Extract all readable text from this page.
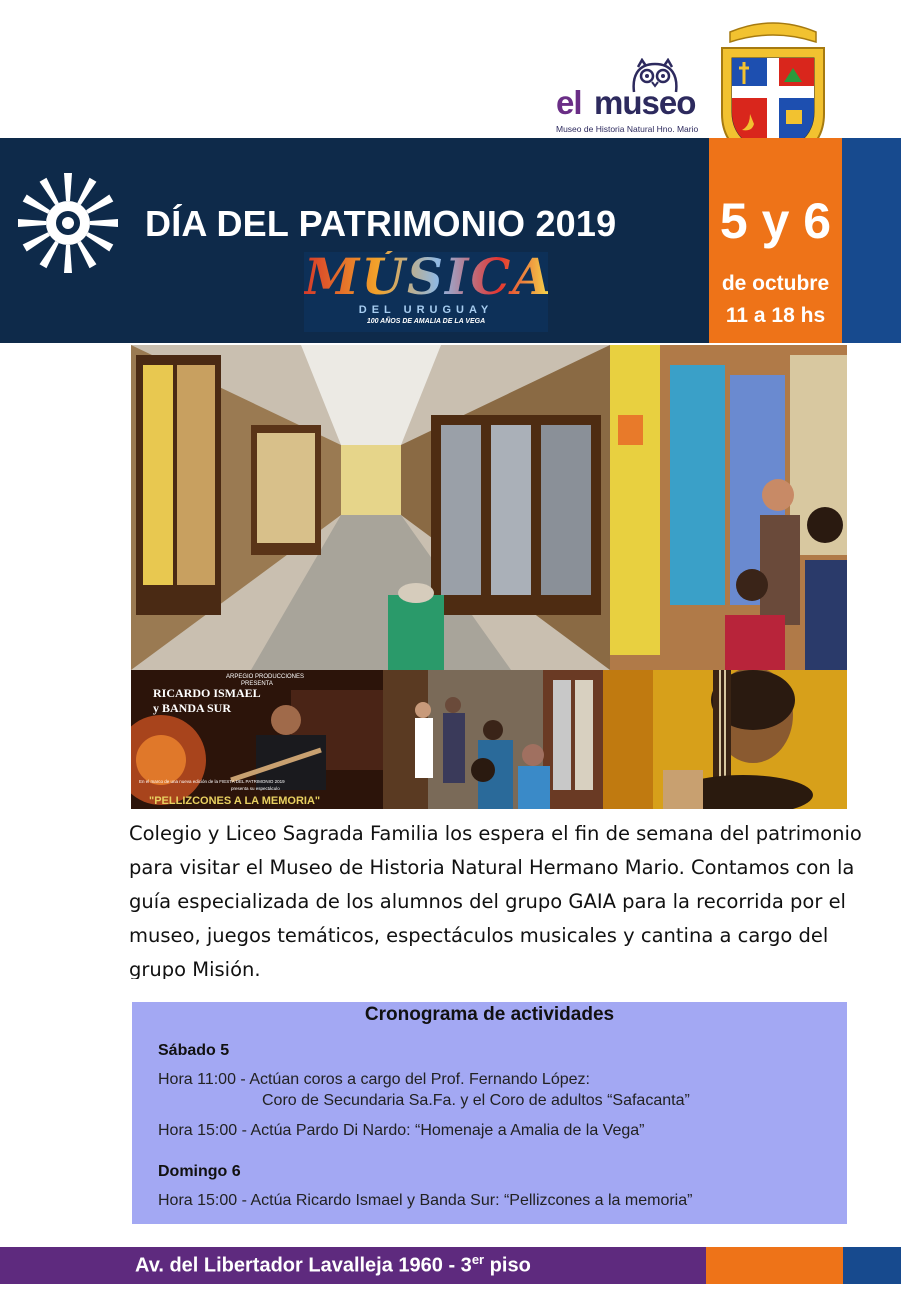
el museo
Museo de Historia Natural Hno. Mario
DÍA DEL PATRIMONIO 2019
MÚSICA
DEL URUGUAY
100 AÑOS DE AMALIA DE LA VEGA
5 y 6
de octubre
11 a 18 hs
ARPEGIO PRODUCCIONES
PRESENTA
RICARDO ISMAEL
y BANDA SUR
En el marco de una nueva edición de la FIESTA DEL PATRIMONIO 2019
presenta su espectáculo
"PELLIZCONES A LA MEMORIA"
Colegio y Liceo Sagrada Familia los espera el fin de semana del patrimonio para visitar el Museo de Historia Natural Hermano Mario. Contamos con la guía especializada de los alumnos del grupo GAIA para la recorrida por el museo, juegos temáticos, espectáculos musicales y cantina a cargo del grupo Misión.
Cronograma de actividades
Sábado 5
Hora 11:00 - Actúan coros a cargo del Prof. Fernando López:
Coro de Secundaria Sa.Fa. y el Coro de adultos “Safacanta”
Hora 15:00 - Actúa Pardo Di Nardo: “Homenaje a Amalia de la Vega”
Domingo 6
Hora 15:00 - Actúa Ricardo Ismael y Banda Sur: “Pellizcones a la memoria”
Av. del Libertador Lavalleja 1960 - 3er piso
